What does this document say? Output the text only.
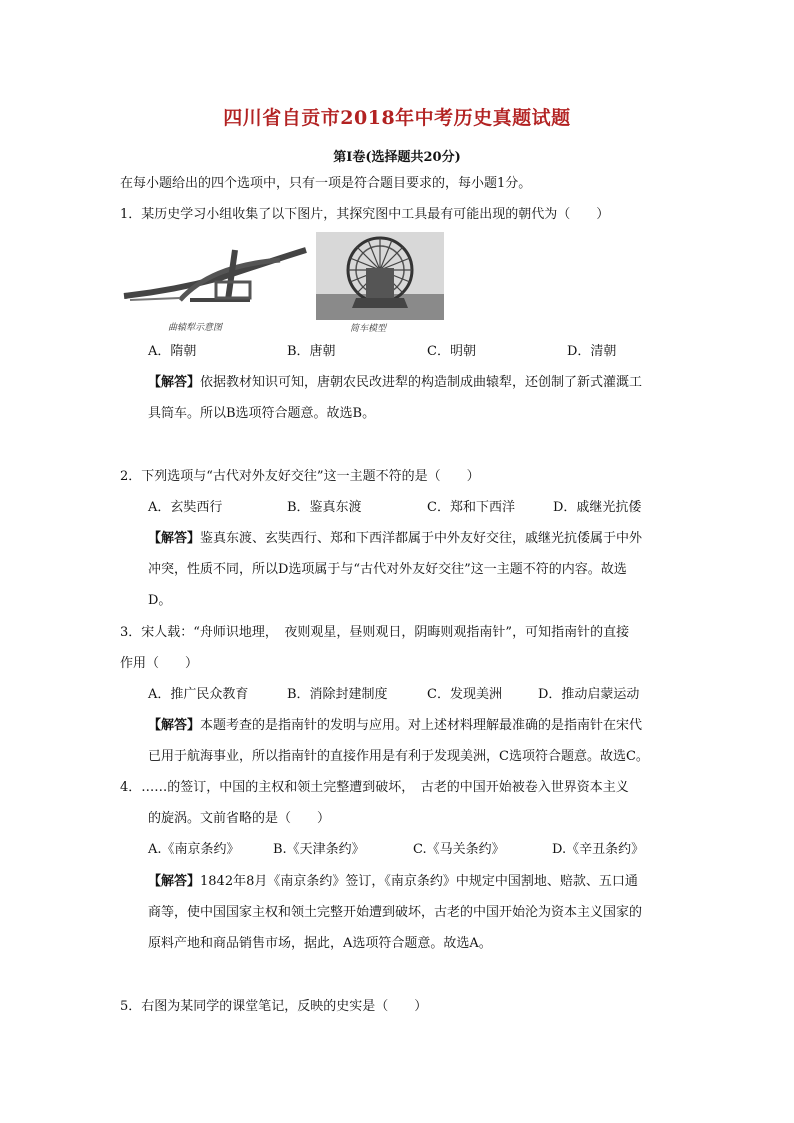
四川省自贡市2018年中考历史真题试题
第Ⅰ卷(选择题共20分)
在每小题给出的四个选项中，只有一项是符合题目要求的，每小题1分。
1．某历史学习小组收集了以下图片，其探究图中工具最有可能出现的朝代为（　　）
曲辕犁示意图	简车模型
A．隋朝	B．唐朝	C．明朝	D．清朝
【解答】依据教材知识可知，唐朝农民改进犁的构造制成曲辕犁，还创制了新式灌溉工
具筒车。所以B选项符合题意。故选B。
2．下列选项与“古代对外友好交往”这一主题不符的是（　　）
A．玄奘西行	B．鉴真东渡	C．郑和下西洋	D．戚继光抗倭
【解答】鉴真东渡、玄奘西行、郑和下西洋都属于中外友好交往，戚继光抗倭属于中外
冲突，性质不同，所以D选项属于与“古代对外友好交往”这一主题不符的内容。故选
D。
3．宋人载：“舟师识地理，　夜则观星，昼则观日，阴晦则观指南针”，可知指南针的直接
作用（　　）
A．推广民众教育	B．消除封建制度	C．发现美洲	D．推动启蒙运动
【解答】本题考查的是指南针的发明与应用。对上述材料理解最准确的是指南针在宋代
已用于航海事业，所以指南针的直接作用是有利于发现美洲，C选项符合题意。故选C。
4．……的签订，中国的主权和领土完整遭到破坏，　古老的中国开始被卷入世界资本主义
的旋涡。文前省略的是（　　）
A.《南京条约》	B.《天津条约》	C.《马关条约》	D.《辛丑条约》
【解答】1842年8月《南京条约》签订，《南京条约》中规定中国割地、赔款、五口通
商等，使中国国家主权和领土完整开始遭到破坏，古老的中国开始沦为资本主义国家的
原料产地和商品销售市场，据此，A选项符合题意。故选A。
5．右图为某同学的课堂笔记，反映的史实是（　　）
